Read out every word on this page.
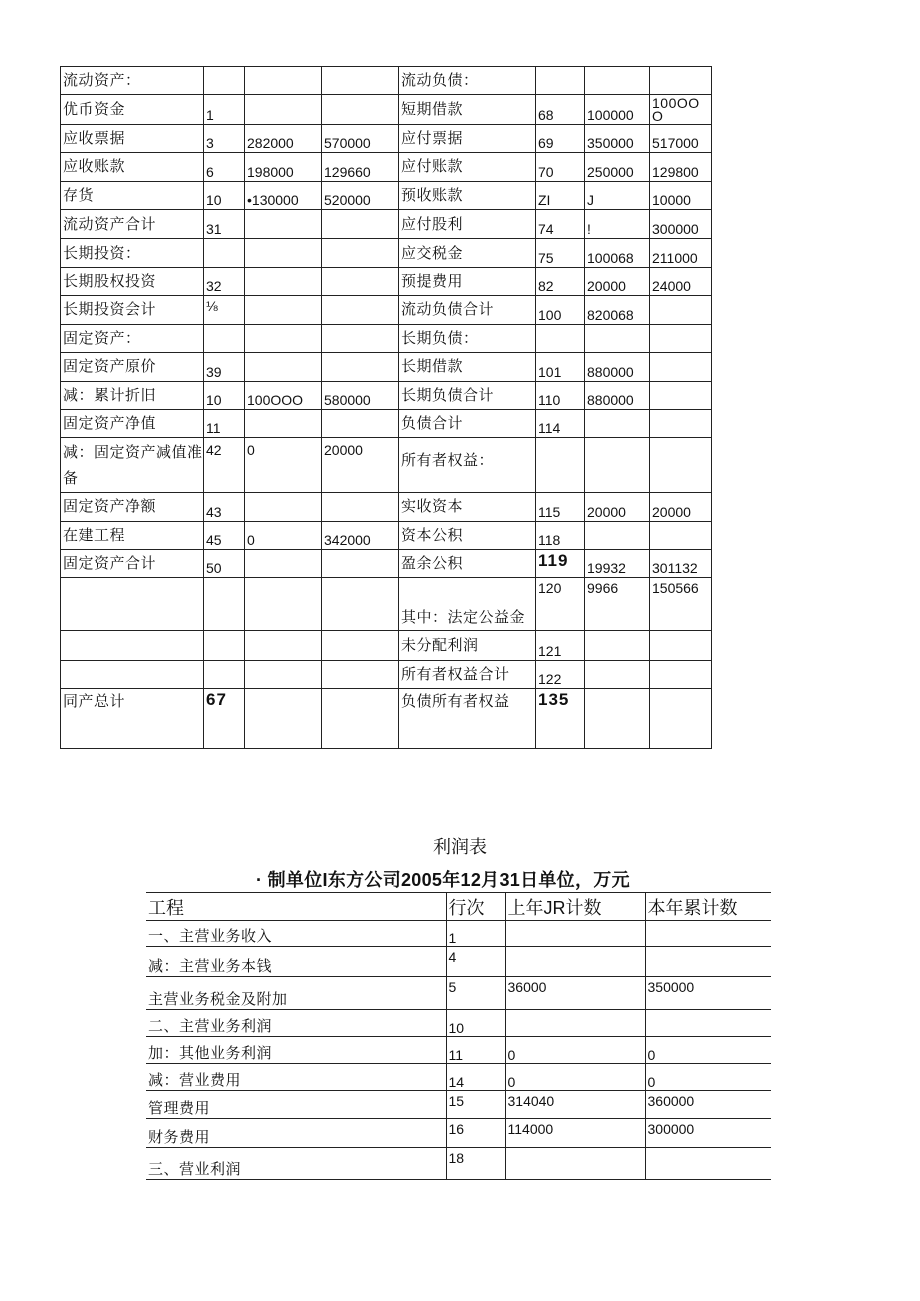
流动资产：				流动负债：			
优币资金	1			短期借款	68	100000	100OO O
应收票据	3	282000	570000	应付票据	69	350000	517000
应收账款	6	198000	129660	应付账款	70	250000	129800
存货	10	•130000	520000	预收账款	ZI	J	10000
流动资产合计	31			应付股利	74	!	300000
长期投资：				应交税金	75	100068	211000
长期股权投资	32			预提费用	82	20000	24000
长期投资会计	⅛			流动负债合计	100	820068	
固定资产：				长期负债：			
固定资产原价	39			长期借款	101	880000	
减：累计折旧	10	100OOO	580000	长期负债合计	110	880000	
固定资产净值	11			负债合计	114		
减：固定资产减值准备	42	0	20000	所有者权益：			
固定资产净额	43			实收资本	115	20000	20000
在建工程	45	0	342000	资本公积	118		
固定资产合计	50			盈余公积	119	19932	301132
				其中：法定公益金	120	9966	150566
				未分配利润	121		
				所有者权益合计	122		
同产总计	67			负债所有者权益	135		
利润表
· 制单位I东方公司2005年12月31日单位，万元
工程	行次	上年JR计数	本年累计数
一、主营业务收入	1		
减：主营业务本钱	4		
主营业务税金及附加	5	36000	350000
二、主营业务利润	10		
加：其他业务利润	11	0	0
减：营业费用	14	0	0
管理费用	15	314040	360000
财务费用	16	114000	300000
三、营业利润	18		
